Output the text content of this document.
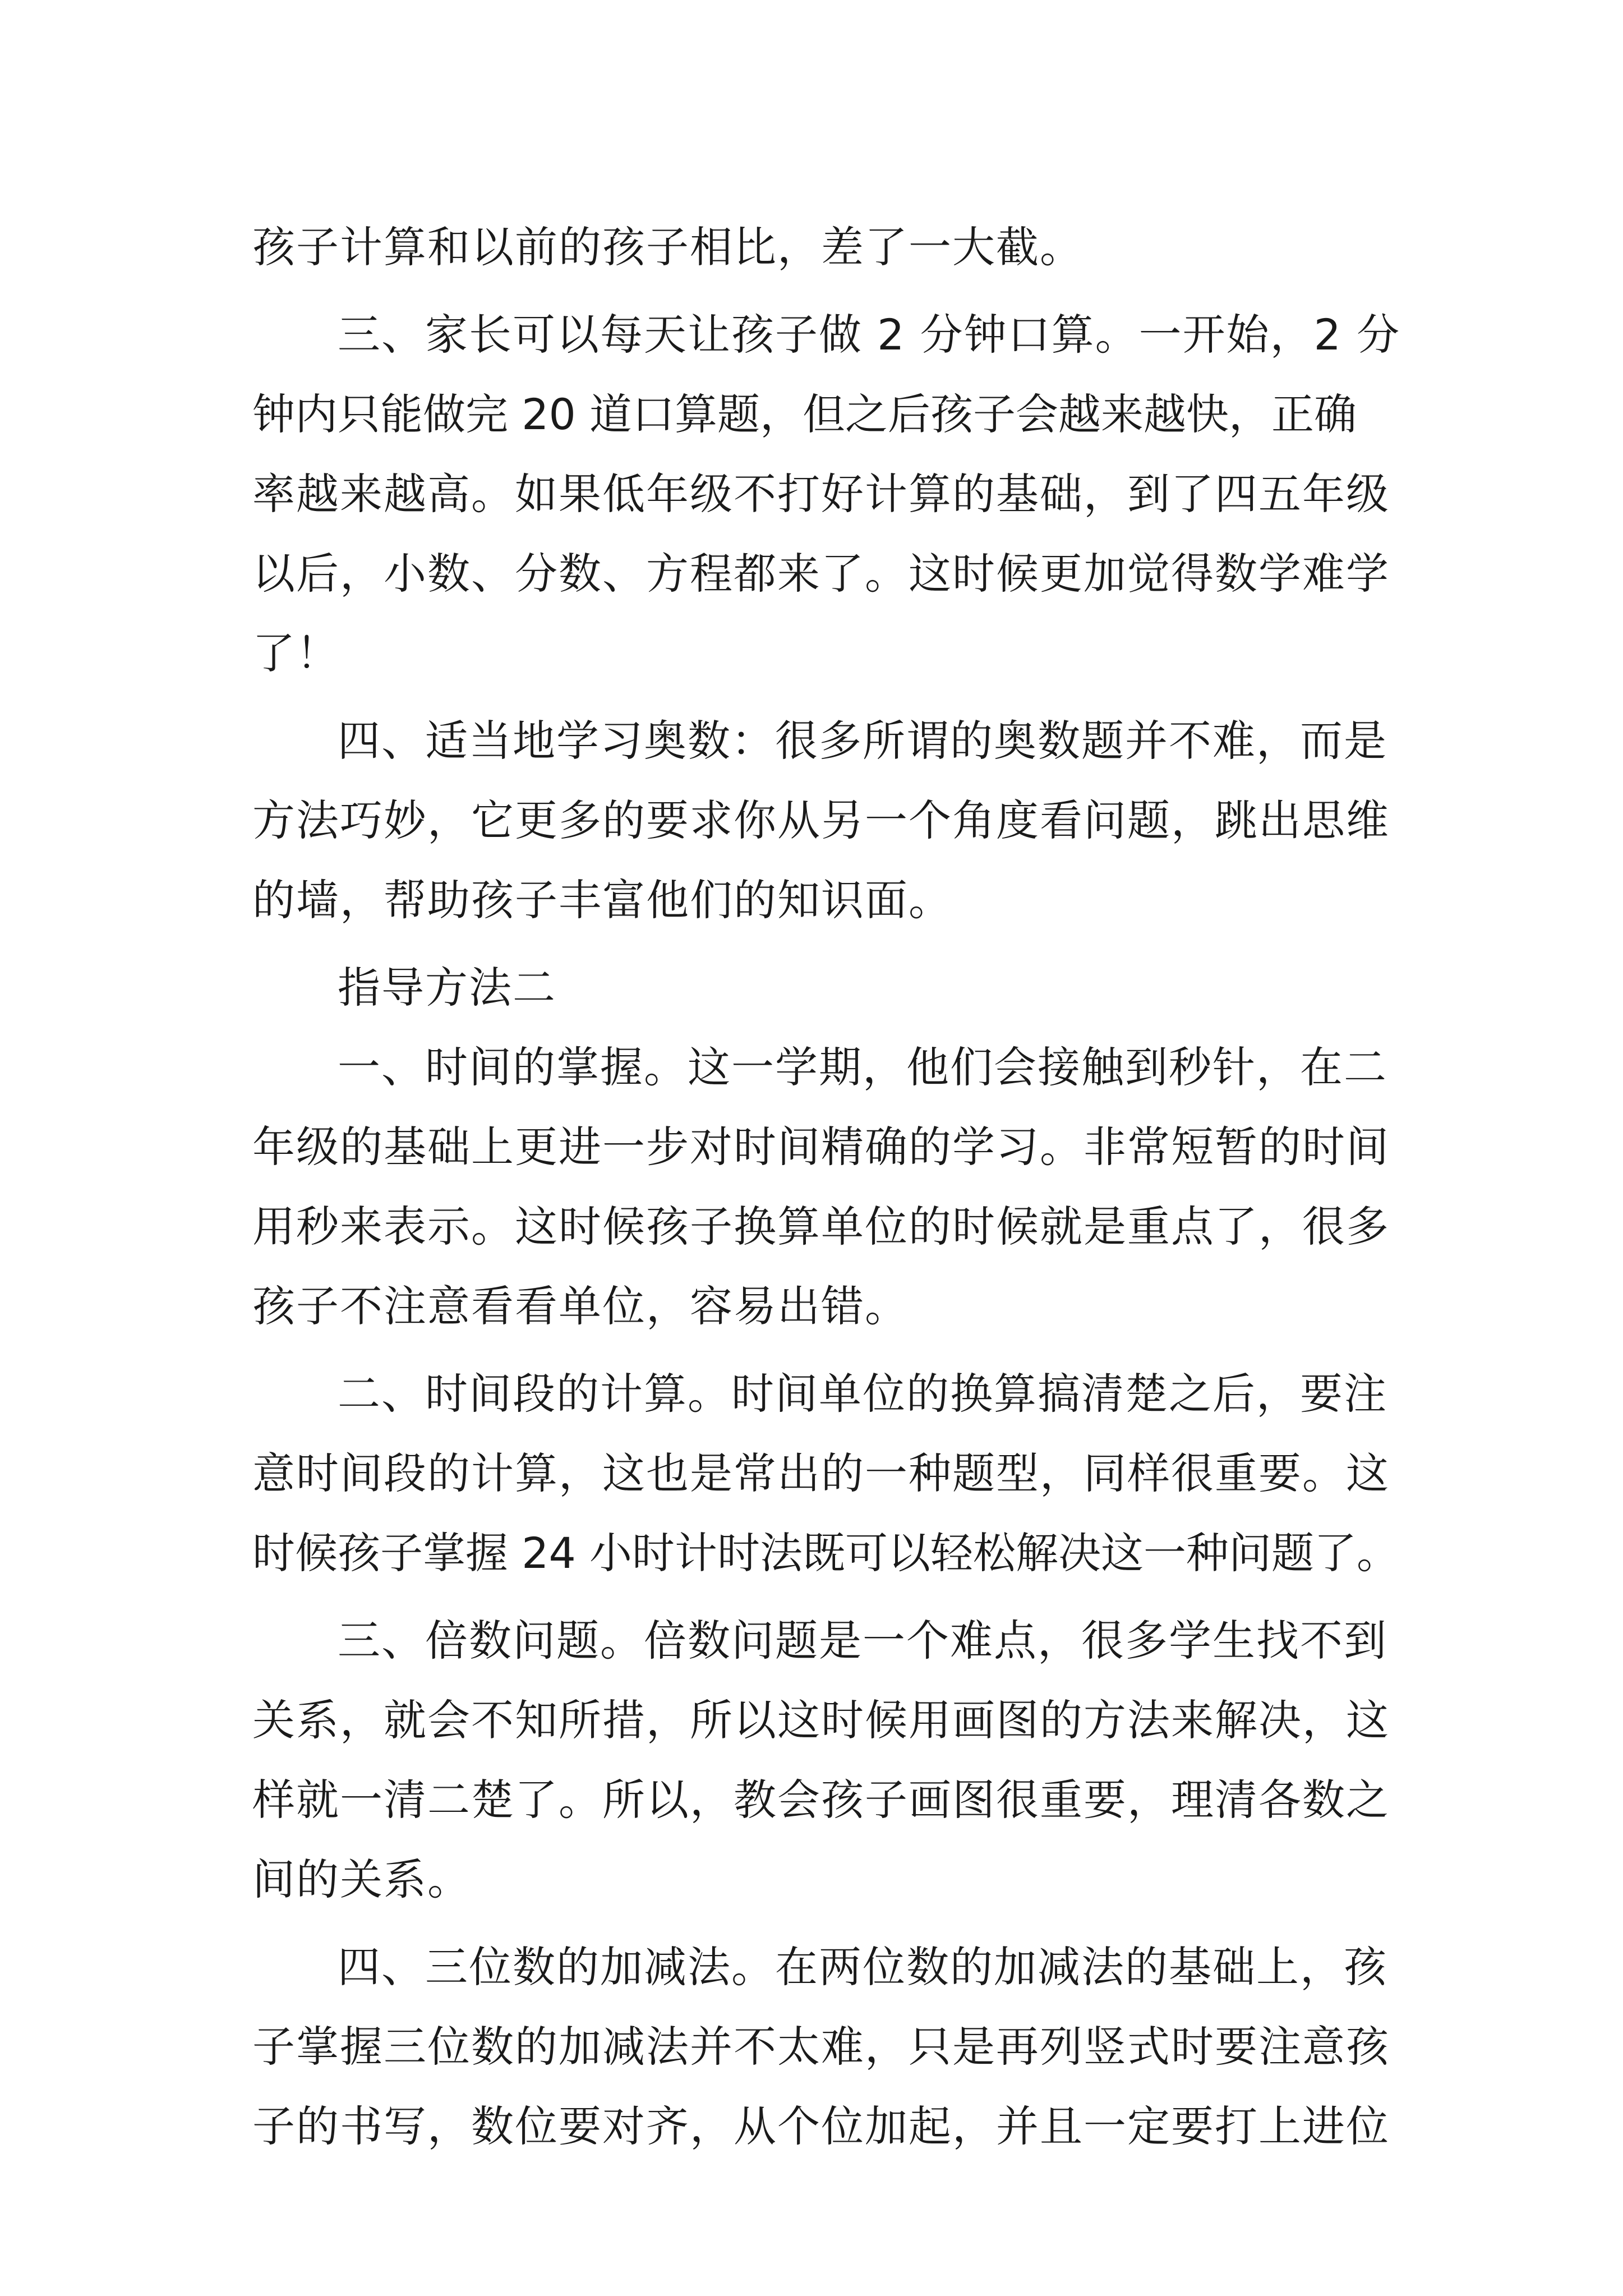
孩子计算和以前的孩子相比，差了一大截。
三、家长可以每天让孩子做 2 分钟口算。一开始，2 分
钟内只能做完 20 道口算题，但之后孩子会越来越快，正确
率越来越高。如果低年级不打好计算的基础，到了四五年级
以后，小数、分数、方程都来了。这时候更加觉得数学难学
了！
四、适当地学习奥数：很多所谓的奥数题并不难，而是
方法巧妙，它更多的要求你从另一个角度看问题，跳出思维
的墙，帮助孩子丰富他们的知识面。
指导方法二
一、时间的掌握。这一学期，他们会接触到秒针，在二
年级的基础上更进一步对时间精确的学习。非常短暂的时间
用秒来表示。这时候孩子换算单位的时候就是重点了，很多
孩子不注意看看单位，容易出错。
二、时间段的计算。时间单位的换算搞清楚之后，要注
意时间段的计算，这也是常出的一种题型，同样很重要。这
时候孩子掌握 24 小时计时法既可以轻松解决这一种问题了。
三、倍数问题。倍数问题是一个难点，很多学生找不到
关系，就会不知所措，所以这时候用画图的方法来解决，这
样就一清二楚了。所以，教会孩子画图很重要，理清各数之
间的关系。
四、三位数的加减法。在两位数的加减法的基础上，孩
子掌握三位数的加减法并不太难，只是再列竖式时要注意孩
子的书写，数位要对齐，从个位加起，并且一定要打上进位
